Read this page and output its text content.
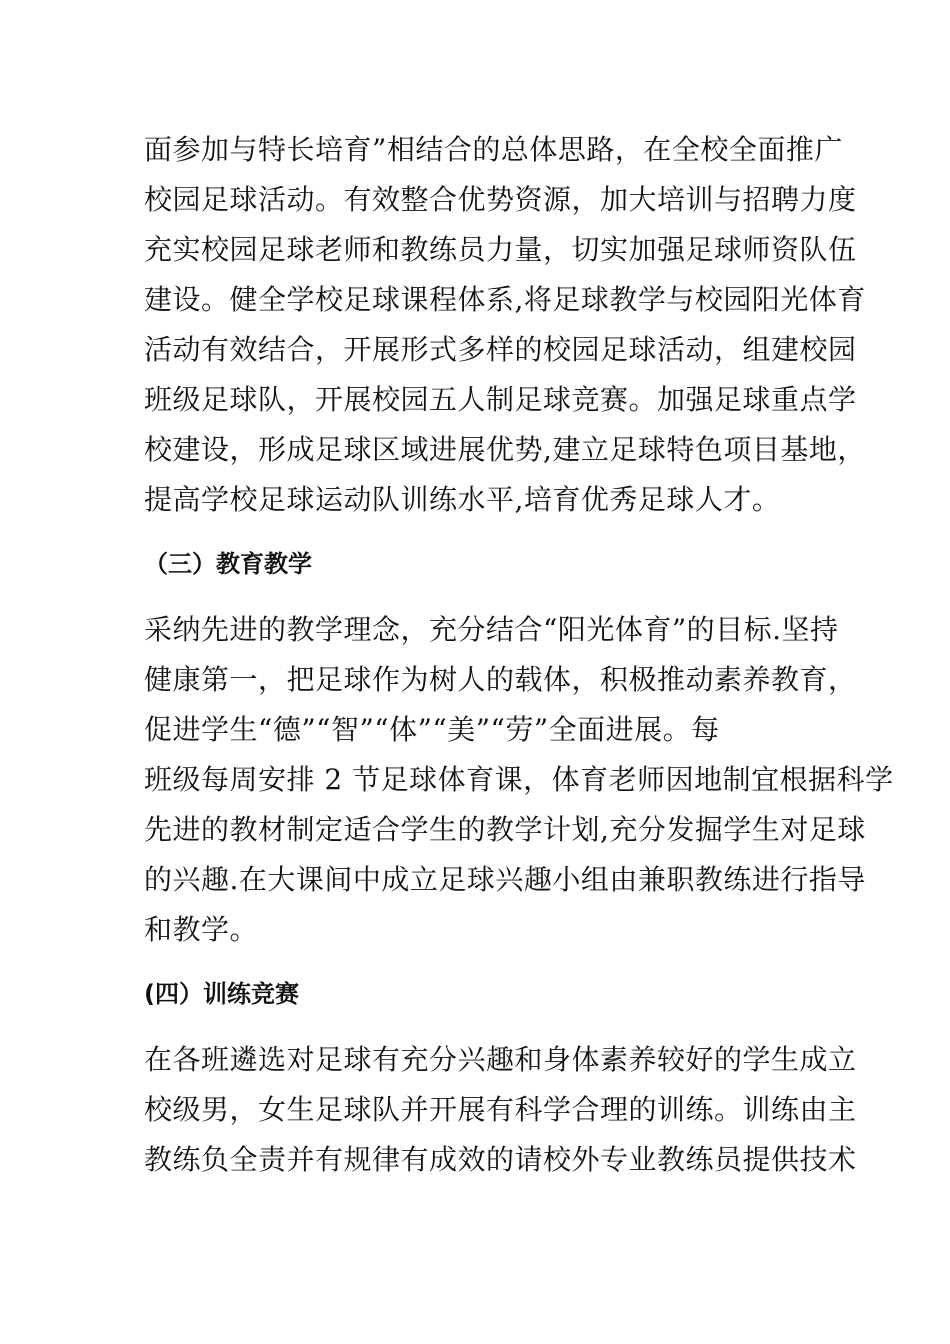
面参加与特长培育”相结合的总体思路，在全校全面推广
校园足球活动。有效整合优势资源，加大培训与招聘力度
充实校园足球老师和教练员力量，切实加强足球师资队伍
建设。健全学校足球课程体系,将足球教学与校园阳光体育
活动有效结合，开展形式多样的校园足球活动，组建校园
班级足球队，开展校园五人制足球竞赛。加强足球重点学
校建设，形成足球区域进展优势,建立足球特色项目基地，
提高学校足球运动队训练水平,培育优秀足球人才。
（三）教育教学
采纳先进的教学理念，充分结合“阳光体育”的目标.坚持
健康第一，把足球作为树人的载体，积极推动素养教育，
促进学生“德”“智”“体”“美”“劳”全面进展。每
班级每周安排 2 节足球体育课，体育老师因地制宜根据科学
先进的教材制定适合学生的教学计划,充分发掘学生对足球
的兴趣.在大课间中成立足球兴趣小组由兼职教练进行指导
和教学。
(四）训练竞赛
在各班遴选对足球有充分兴趣和身体素养较好的学生成立
校级男，女生足球队并开展有科学合理的训练。训练由主
教练负全责并有规律有成效的请校外专业教练员提供技术
